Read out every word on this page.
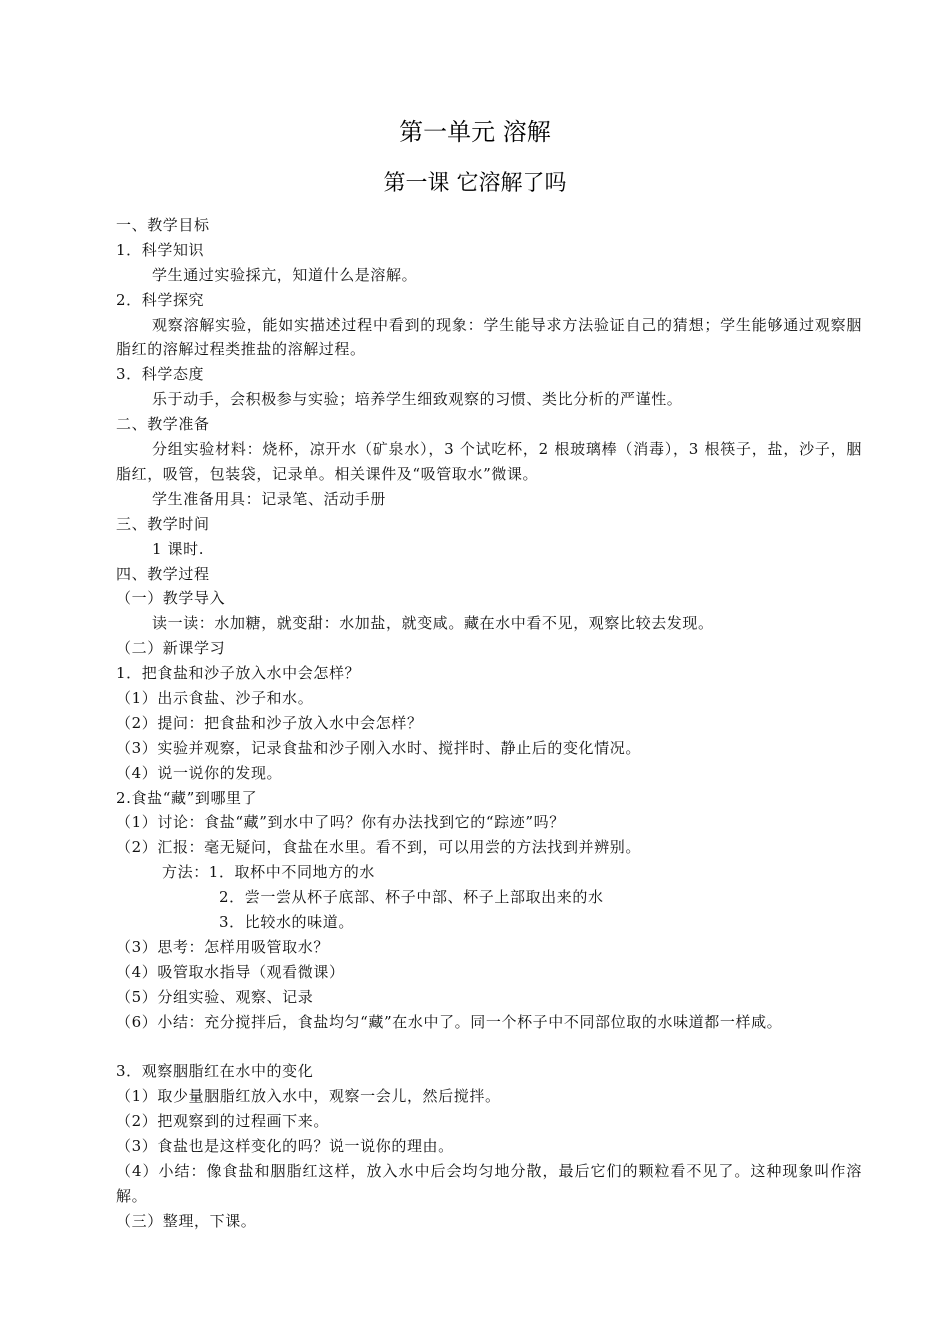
第一单元 溶解
第一课 它溶解了吗
一、教学目标
1．科学知识
学生通过实验採亢，知道什么是溶解。
2．科学探究
观察溶解实验，能如实描述过程中看到的现象：学生能导求方法验证自己的猜想；学生能够通过观察胭脂红的溶解过程类推盐的溶解过程。
3．科学态度
乐于动手，会积极参与实验；培养学生细致观察的习惯、类比分析的严谨性。
二、教学准备
分组实验材料：烧杯，凉开水（矿泉水），3 个试吃杯，2 根玻璃棒（消毒），3 根筷子，盐，沙子，胭脂红，吸管，包装袋，记录单。相关课件及“吸管取水”微课。
学生准备用具：记录笔、活动手册
三、教学时间
1 课时.
四、教学过程
（一）教学导入
读一读：水加糖，就变甜：水加盐，就变咸。藏在水中看不见，观察比较去发现。
（二）新课学习
1．把食盐和沙子放入水中会怎样？
（1）出示食盐、沙子和水。
（2）提问：把食盐和沙子放入水中会怎样？
（3）实验并观察，记录食盐和沙子刚入水时、搅拌时、静止后的变化情况。
（4）说一说你的发现。
2.食盐“藏”到哪里了
（1）讨论：食盐“藏”到水中了吗？你有办法找到它的“踪迹”吗？
（2）汇报：毫无疑问，食盐在水里。看不到，可以用尝的方法找到并辨别。
方法：1．取杯中不同地方的水
2．尝一尝从杯子底部、杯子中部、杯子上部取出来的水
3．比较水的味道。
（3）思考：怎样用吸管取水？
（4）吸管取水指导（观看微课）
（5）分组实验、观察、记录
（6）小结：充分搅拌后，食盐均匀“藏”在水中了。同一个杯子中不同部位取的水味道都一样咸。
3．观察胭脂红在水中的变化
（1）取少量胭脂红放入水中，观察一会儿，然后搅拌。
（2）把观察到的过程画下来。
（3）食盐也是这样变化的吗？说一说你的理由。
（4）小结：像食盐和胭脂红这样，放入水中后会均匀地分散，最后它们的颗粒看不见了。这种现象叫作溶解。
（三）整理，下课。
